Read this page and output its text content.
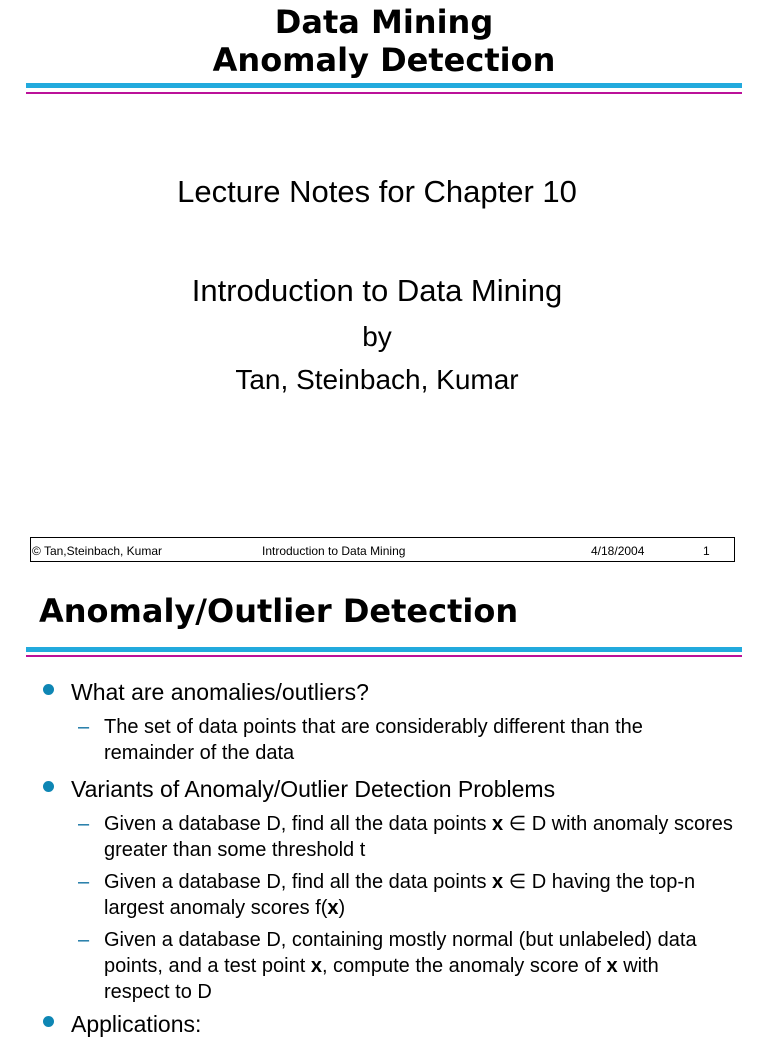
Data Mining
Anomaly Detection
Lecture Notes for Chapter 10
Introduction to Data Mining
by
Tan, Steinbach, Kumar
© Tan,Steinbach, Kumar	Introduction to Data Mining	4/18/2004	1
Anomaly/Outlier Detection
What are anomalies/outliers?
– The set of data points that are considerably different than the remainder of the data
Variants of Anomaly/Outlier Detection Problems
– Given a database D, find all the data points x ∈ D with anomaly scores greater than some threshold t
– Given a database D, find all the data points x ∈ D having the top-n largest anomaly scores f(x)
– Given a database D, containing mostly normal (but unlabeled) data points, and a test point x, compute the anomaly score of x with respect to D
Applications:
